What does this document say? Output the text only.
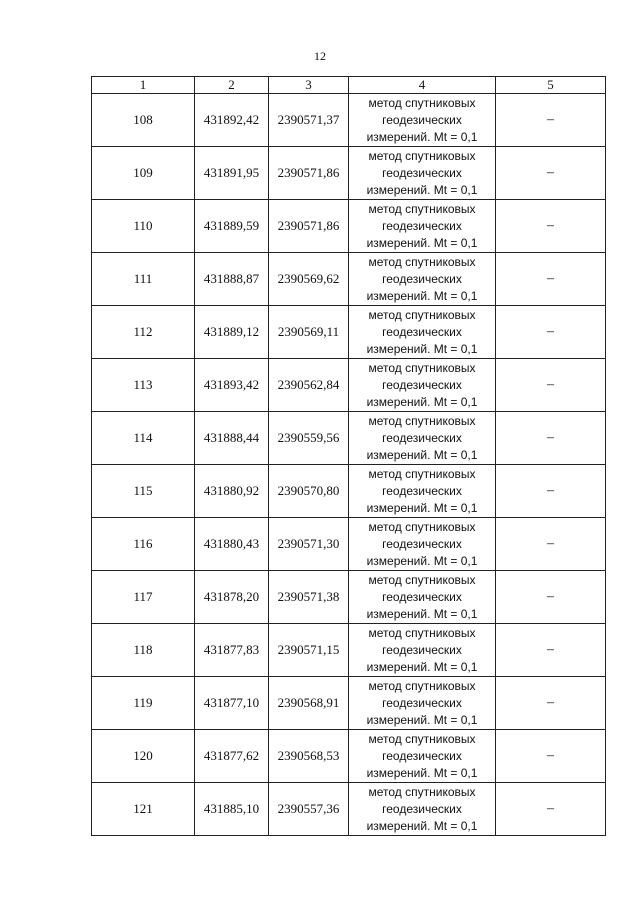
12
1	2	3	4	5
108	431892,42	2390571,37	метод спутниковых
геодезических
измерений. Mt = 0,1	–
109	431891,95	2390571,86	метод спутниковых
геодезических
измерений. Mt = 0,1	–
110	431889,59	2390571,86	метод спутниковых
геодезических
измерений. Mt = 0,1	–
111	431888,87	2390569,62	метод спутниковых
геодезических
измерений. Mt = 0,1	–
112	431889,12	2390569,11	метод спутниковых
геодезических
измерений. Mt = 0,1	–
113	431893,42	2390562,84	метод спутниковых
геодезических
измерений. Mt = 0,1	–
114	431888,44	2390559,56	метод спутниковых
геодезических
измерений. Mt = 0,1	–
115	431880,92	2390570,80	метод спутниковых
геодезических
измерений. Mt = 0,1	–
116	431880,43	2390571,30	метод спутниковых
геодезических
измерений. Mt = 0,1	–
117	431878,20	2390571,38	метод спутниковых
геодезических
измерений. Mt = 0,1	–
118	431877,83	2390571,15	метод спутниковых
геодезических
измерений. Mt = 0,1	–
119	431877,10	2390568,91	метод спутниковых
геодезических
измерений. Mt = 0,1	–
120	431877,62	2390568,53	метод спутниковых
геодезических
измерений. Mt = 0,1	–
121	431885,10	2390557,36	метод спутниковых
геодезических
измерений. Mt = 0,1	–
